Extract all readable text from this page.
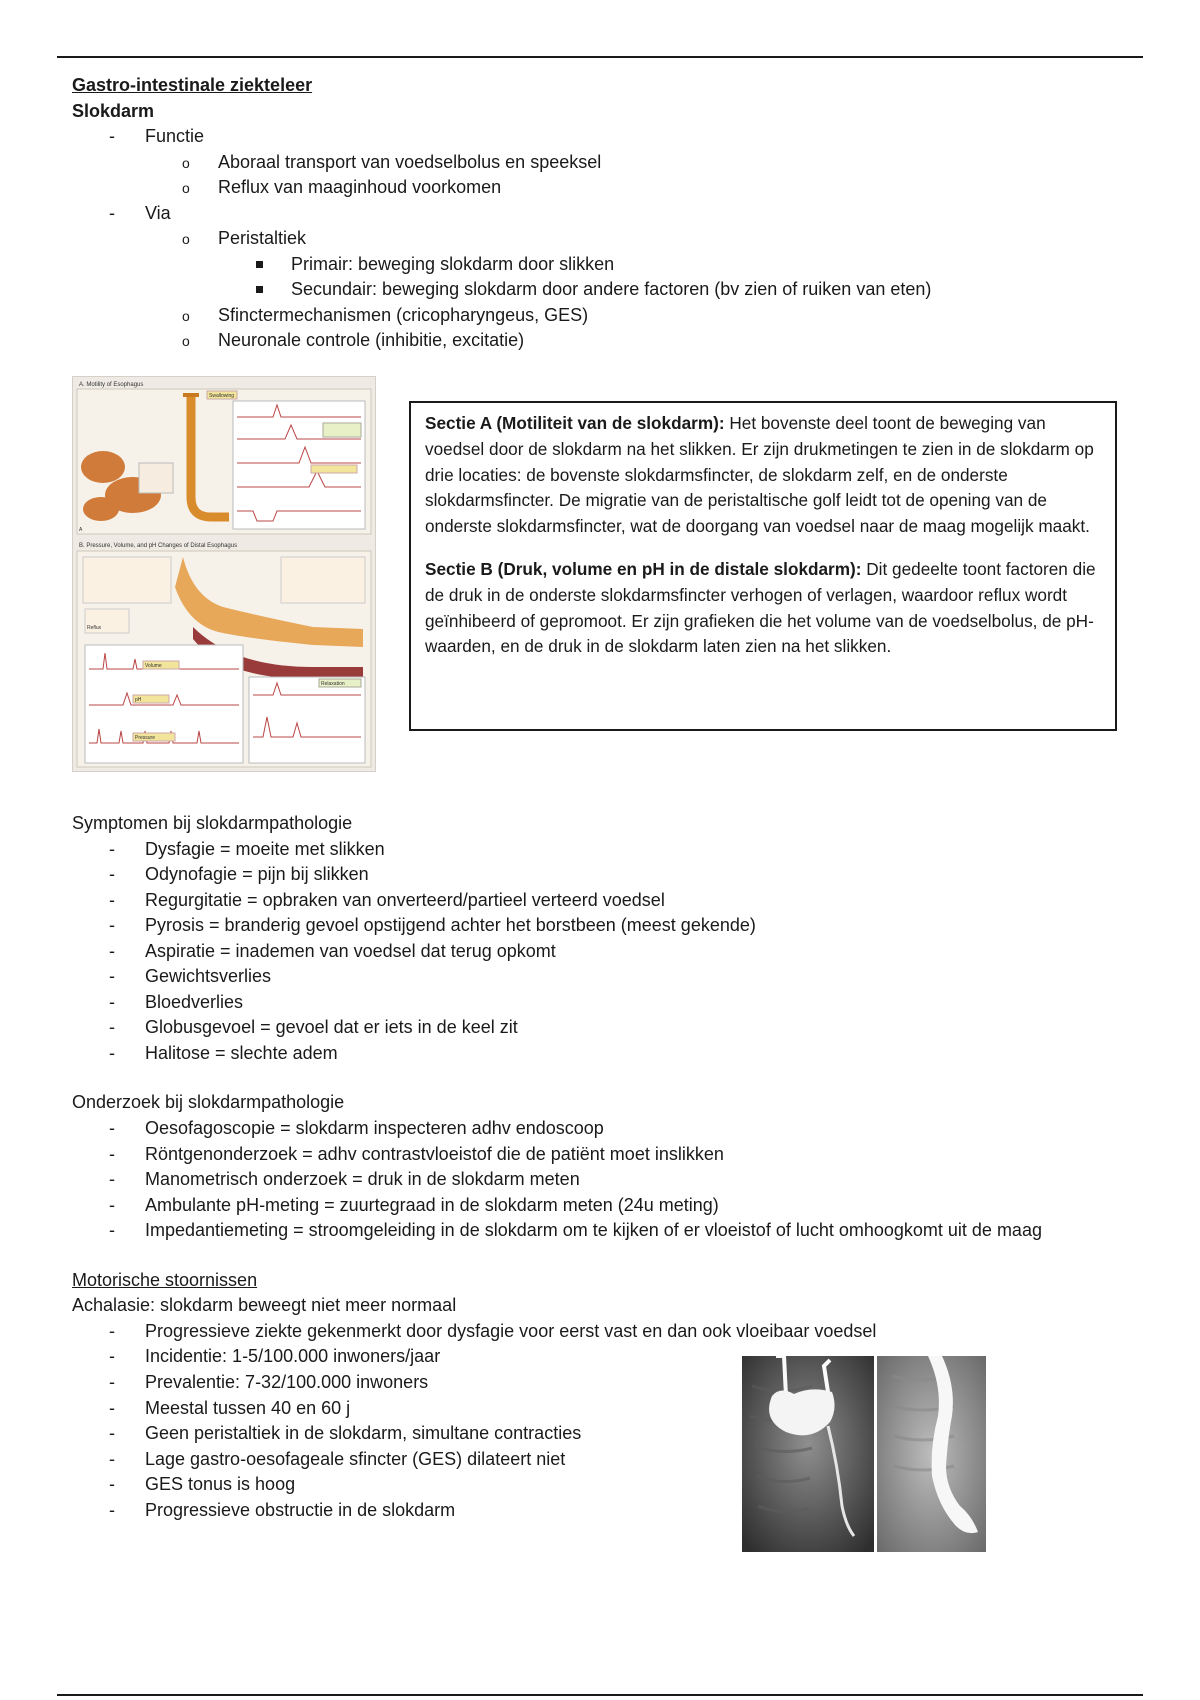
Gastro-intestinale ziekteleer

Slokdarm

- Functie
o Aboraal transport van voedselbolus en speeksel
o Reflux van maaginhoud voorkomen
- Via
o Peristaltiek
Primair: beweging slokdarm door slikken
Secundair: beweging slokdarm door andere factoren (bv zien of ruiken van eten)
o Sfinctermechanismen (cricopharyngeus, GES)
o Neuronale controle (inhibitie, excitatie)
A. Motility of Esophagus
Swallowing
A
B. Pressure, Volume, and pH Changes of Distal Esophagus
Reflux
Volume
pH
Pressure
Relaxation

Sectie A (Motiliteit van de slokdarm): Het bovenste deel toont de beweging van voedsel door de slokdarm na het slikken. Er zijn drukmetingen te zien in de slokdarm op drie locaties: de bovenste slokdarmsfincter, de slokdarm zelf, en de onderste slokdarmsfincter. De migratie van de peristaltische golf leidt tot de opening van de onderste slokdarmsfincter, wat de doorgang van voedsel naar de maag mogelijk maakt.

Sectie B (Druk, volume en pH in de distale slokdarm): Dit gedeelte toont factoren die de druk in de onderste slokdarmsfincter verhogen of verlagen, waardoor reflux wordt geïnhibeerd of gepromoot. Er zijn grafieken die het volume van de voedselbolus, de pH-waarden, en de druk in de slokdarm laten zien na het slikken.

Symptomen bij slokdarmpathologie

- Dysfagie = moeite met slikken
- Odynofagie = pijn bij slikken
- Regurgitatie = opbraken van onverteerd/partieel verteerd voedsel
- Pyrosis = branderig gevoel opstijgend achter het borstbeen (meest gekende)
- Aspiratie = inademen van voedsel dat terug opkomt
- Gewichtsverlies
- Bloedverlies
- Globusgevoel = gevoel dat er iets in de keel zit
- Halitose = slechte adem

Onderzoek bij slokdarmpathologie

- Oesofagoscopie = slokdarm inspecteren adhv endoscoop
- Röntgenonderzoek = adhv contrastvloeistof die de patiënt moet inslikken
- Manometrisch onderzoek = druk in de slokdarm meten
- Ambulante pH-meting = zuurtegraad in de slokdarm meten (24u meting)
- Impedantiemeting = stroomgeleiding in de slokdarm om te kijken of er vloeistof of lucht omhoogkomt uit de maag

Motorische stoornissen

Achalasie: slokdarm beweegt niet meer normaal

- Progressieve ziekte gekenmerkt door dysfagie voor eerst vast en dan ook vloeibaar voedsel
- Incidentie: 1-5/100.000 inwoners/jaar
- Prevalentie: 7-32/100.000 inwoners
- Meestal tussen 40 en 60 j
- Geen peristaltiek in de slokdarm, simultane contracties
- Lage gastro-oesofageale sfincter (GES) dilateert niet
- GES tonus is hoog
- Progressieve obstructie in de slokdarm
